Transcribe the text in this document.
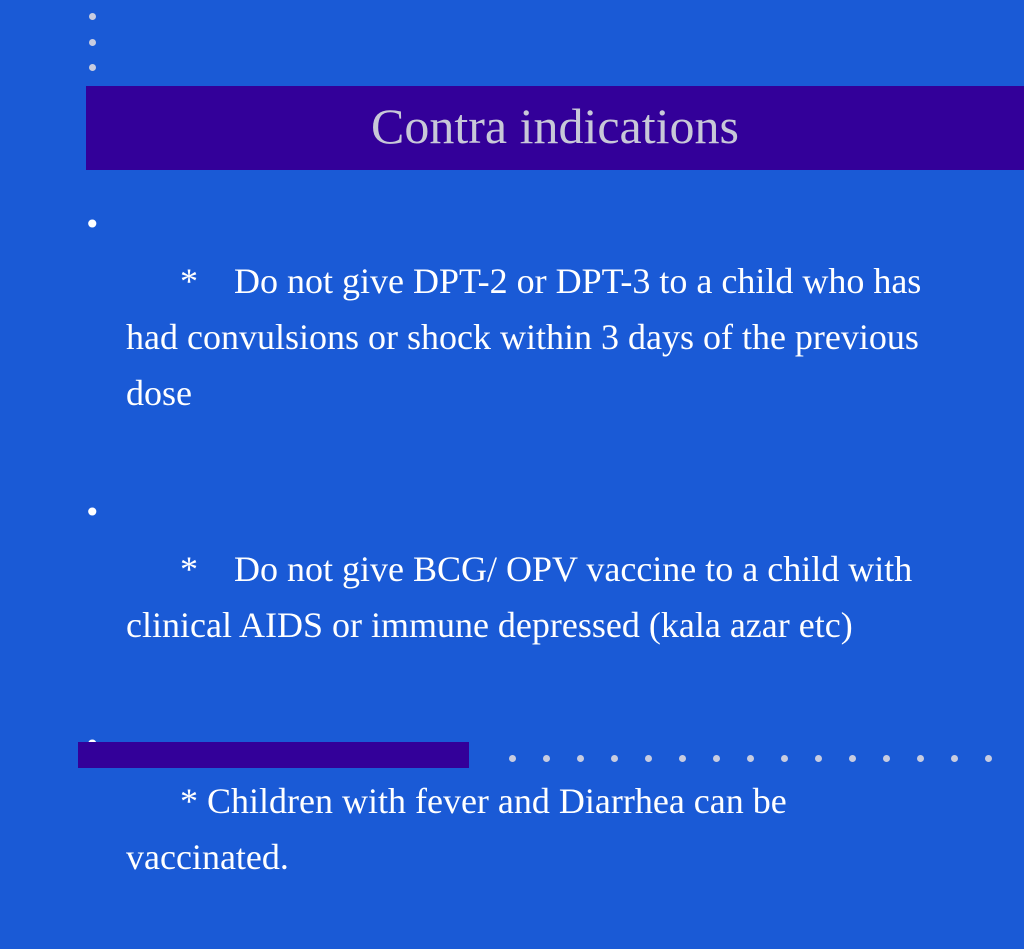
Contra indications

•
*    Do not give DPT-2 or DPT-3 to a child who has had convulsions or shock within 3 days of the previous dose

•
*    Do not give BCG/ OPV vaccine to a child with clinical AIDS or immune depressed (kala azar etc)

* Children with fever and Diarrhea can be vaccinated.
